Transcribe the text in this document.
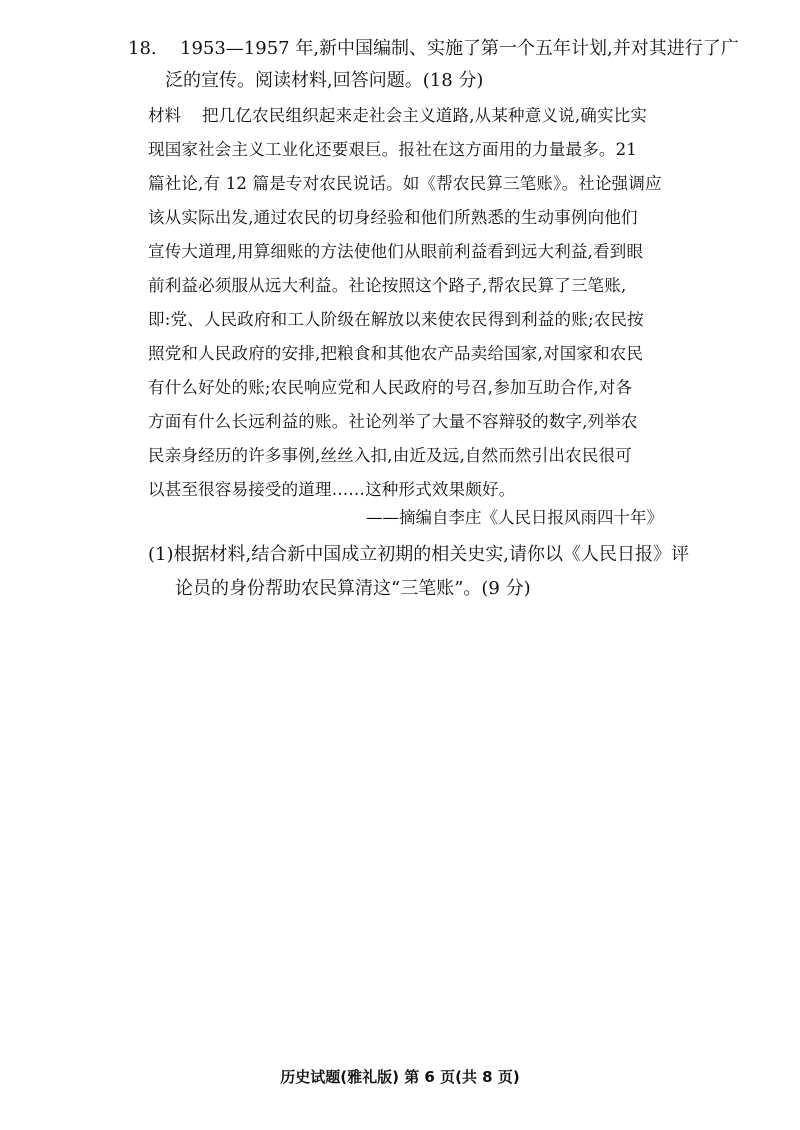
18. 1953—1957 年,新中国编制、实施了第一个五年计划,并对其进行了广
泛的宣传。阅读材料,回答问题。(18 分)
材料 把几亿农民组织起来走社会主义道路,从某种意义说,确实比实
现国家社会主义工业化还要艰巨。报社在这方面用的力量最多。21
篇社论,有 12 篇是专对农民说话。如《帮农民算三笔账》。社论强调应
该从实际出发,通过农民的切身经验和他们所熟悉的生动事例向他们
宣传大道理,用算细账的方法使他们从眼前利益看到远大利益,看到眼
前利益必须服从远大利益。社论按照这个路子,帮农民算了三笔账,
即:党、人民政府和工人阶级在解放以来使农民得到利益的账;农民按
照党和人民政府的安排,把粮食和其他农产品卖给国家,对国家和农民
有什么好处的账;农民响应党和人民政府的号召,参加互助合作,对各
方面有什么长远利益的账。社论列举了大量不容辩驳的数字,列举农
民亲身经历的许多事例,丝丝入扣,由近及远,自然而然引出农民很可
以甚至很容易接受的道理……这种形式效果颇好。
——摘编自李庄《人民日报风雨四十年》
(1)根据材料,结合新中国成立初期的相关史实,请你以《人民日报》评
论员的身份帮助农民算清这“三笔账”。(9 分)
历史试题(雅礼版) 第 6 页(共 8 页)
